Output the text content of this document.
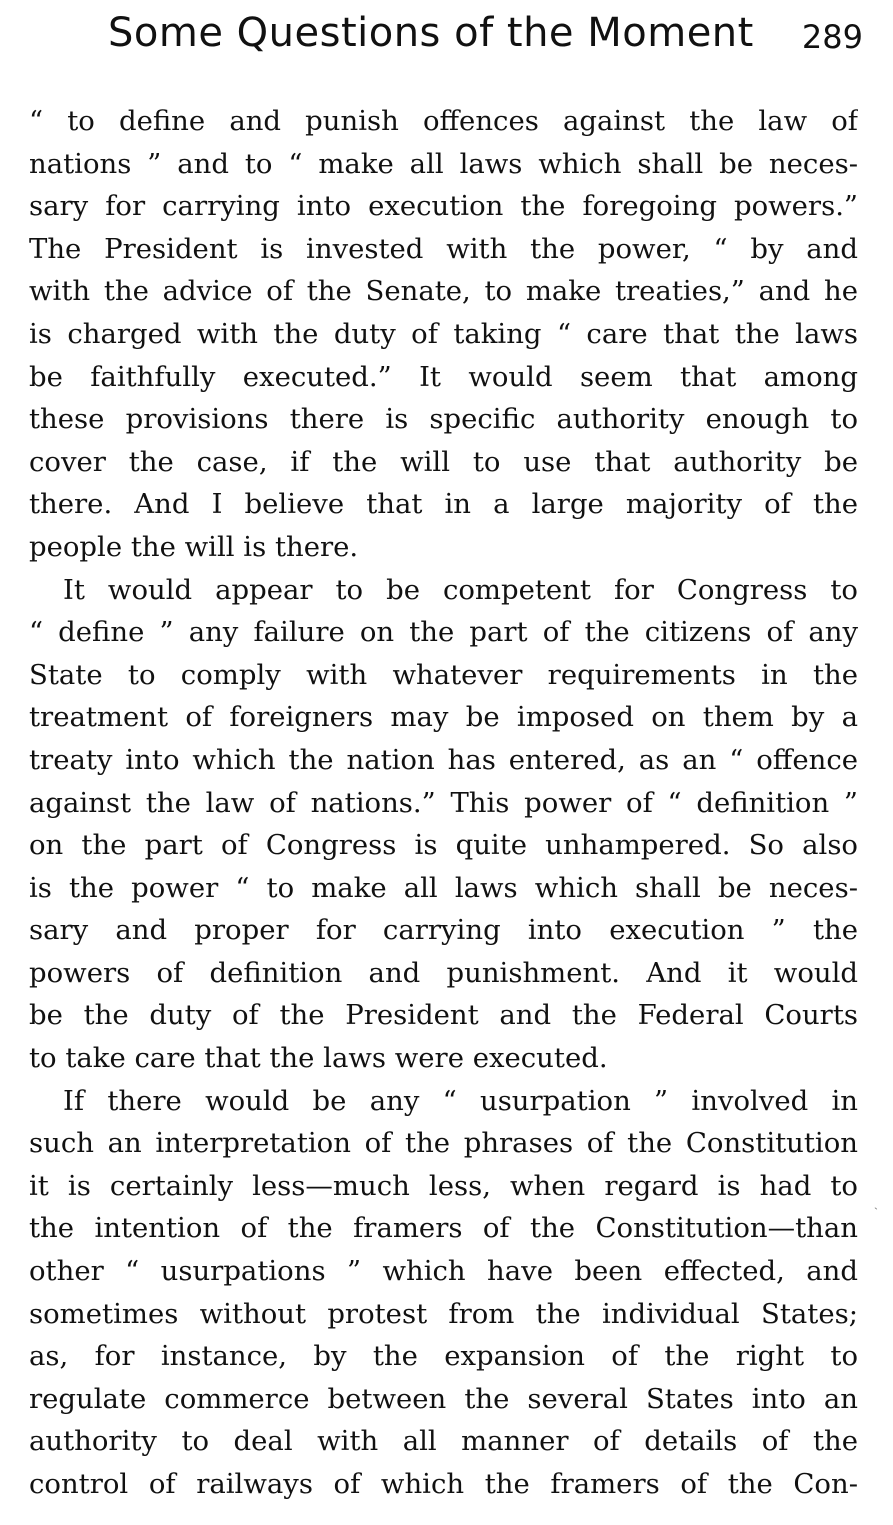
Some Questions of the Moment 289
“ to define and punish offences against the law of
nations ” and to “ make all laws which shall be neces-
sary for carrying into execution the foregoing powers.”
The President is invested with the power, “ by and
with the advice of the Senate, to make treaties,” and he
is charged with the duty of taking “ care that the laws
be faithfully executed.” It would seem that among
these provisions there is specific authority enough to
cover the case, if the will to use that authority be
there. And I believe that in a large majority of the
people the will is there.
It would appear to be competent for Congress to
“ define ” any failure on the part of the citizens of any
State to comply with whatever requirements in the
treatment of foreigners may be imposed on them by a
treaty into which the nation has entered, as an “ offence
against the law of nations.” This power of “ definition ”
on the part of Congress is quite unhampered. So also
is the power “ to make all laws which shall be neces-
sary and proper for carrying into execution ” the
powers of definition and punishment. And it would
be the duty of the President and the Federal Courts
to take care that the laws were executed.
If there would be any “ usurpation ” involved in
such an interpretation of the phrases of the Constitution
it is certainly less—much less, when regard is had to
the intention of the framers of the Constitution—than
other “ usurpations ” which have been effected, and
sometimes without protest from the individual States;
as, for instance, by the expansion of the right to
regulate commerce between the several States into an
authority to deal with all manner of details of the
control of railways of which the framers of the Con-
ˏ
